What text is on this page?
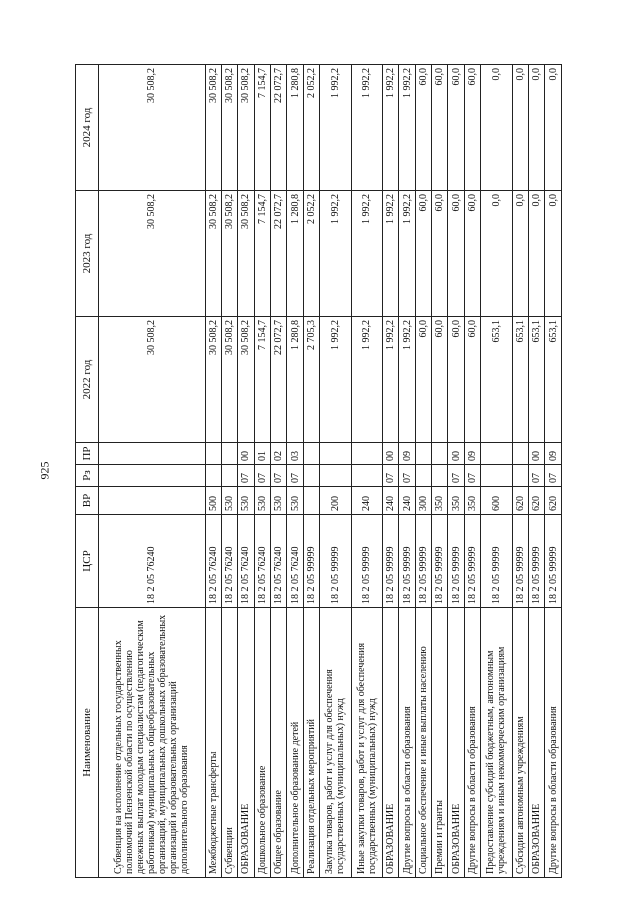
925
Наименование	ЦСР	ВР	Рз	ПР	2022 год	2023 год	2024 год
Субвенция на исполнение отдельных государственных полномочий Пензенской области по осуществлению денежных выплат молодым специалистам (педагогическим работникам) муниципальных общеобразовательных организаций, муниципальных дошкольных образовательных организаций и образовательных организаций дополнительного образования	18 2 05 76240				30 508,2	30 508,2	30 508,2
Межбюджетные трансферты	18 2 05 76240	500			30 508,2	30 508,2	30 508,2
Субвенции	18 2 05 76240	530			30 508,2	30 508,2	30 508,2
ОБРАЗОВАНИЕ	18 2 05 76240	530	07	00	30 508,2	30 508,2	30 508,2
Дошкольное образование	18 2 05 76240	530	07	01	7 154,7	7 154,7	7 154,7
Общее образование	18 2 05 76240	530	07	02	22 072,7	22 072,7	22 072,7
Дополнительное образование детей	18 2 05 76240	530	07	03	1 280,8	1 280,8	1 280,8
Реализация отдельных мероприятий	18 2 05 99999				2 705,3	2 052,2	2 052,2
Закупка товаров, работ и услуг для обеспечения государственных (муниципальных) нужд	18 2 05 99999	200			1 992,2	1 992,2	1 992,2
Иные закупки товаров, работ и услуг для обеспечения государственных (муниципальных) нужд	18 2 05 99999	240			1 992,2	1 992,2	1 992,2
ОБРАЗОВАНИЕ	18 2 05 99999	240	07	00	1 992,2	1 992,2	1 992,2
Другие вопросы в области образования	18 2 05 99999	240	07	09	1 992,2	1 992,2	1 992,2
Социальное обеспечение и иные выплаты населению	18 2 05 99999	300			60,0	60,0	60,0
Премии и гранты	18 2 05 99999	350			60,0	60,0	60,0
ОБРАЗОВАНИЕ	18 2 05 99999	350	07	00	60,0	60,0	60,0
Другие вопросы в области образования	18 2 05 99999	350	07	09	60,0	60,0	60,0
Предоставление субсидий бюджетным, автономным учреждениям и иным некоммерческим организациям	18 2 05 99999	600			653,1	0,0	0,0
Субсидии автономным учреждениям	18 2 05 99999	620			653,1	0,0	0,0
ОБРАЗОВАНИЕ	18 2 05 99999	620	07	00	653,1	0,0	0,0
Другие вопросы в области образования	18 2 05 99999	620	07	09	653,1	0,0	0,0
